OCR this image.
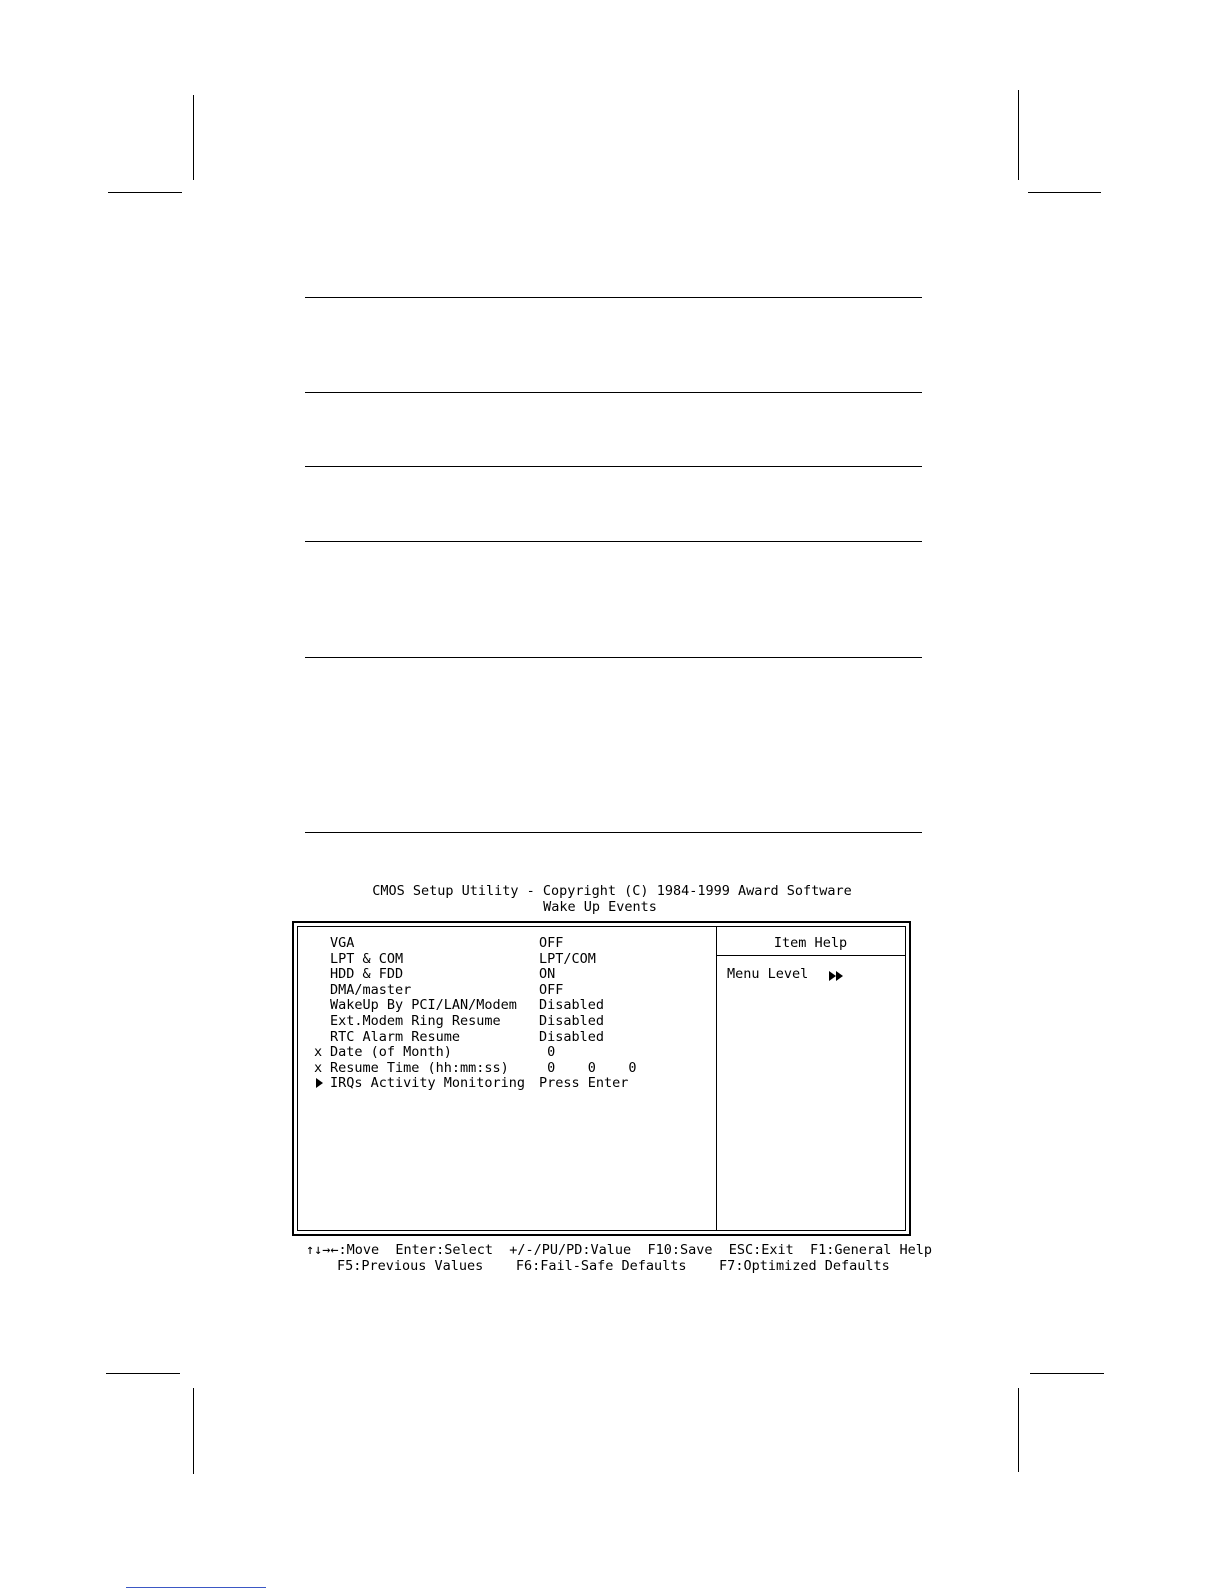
CMOS Setup Utility - Copyright (C) 1984-1999 Award Software
Wake Up Events
VGA	OFF
LPT & COM	LPT/COM
HDD & FDD	ON
DMA/master	OFF
WakeUp By PCI/LAN/Modem Disabled
Ext.Modem Ring Resume	Disabled
RTC Alarm Resume	Disabled
x Date (of Month)	0
x Resume Time (hh:mm:ss) 0    0    0
IRQs Activity Monitoring Press Enter
Item Help
Menu Level
↑↓→←:Move Enter:Select +/-/PU/PD:Value F10:Save ESC:Exit F1:General Help
F5:Previous Values F6:Fail-Safe Defaults F7:Optimized Defaults
